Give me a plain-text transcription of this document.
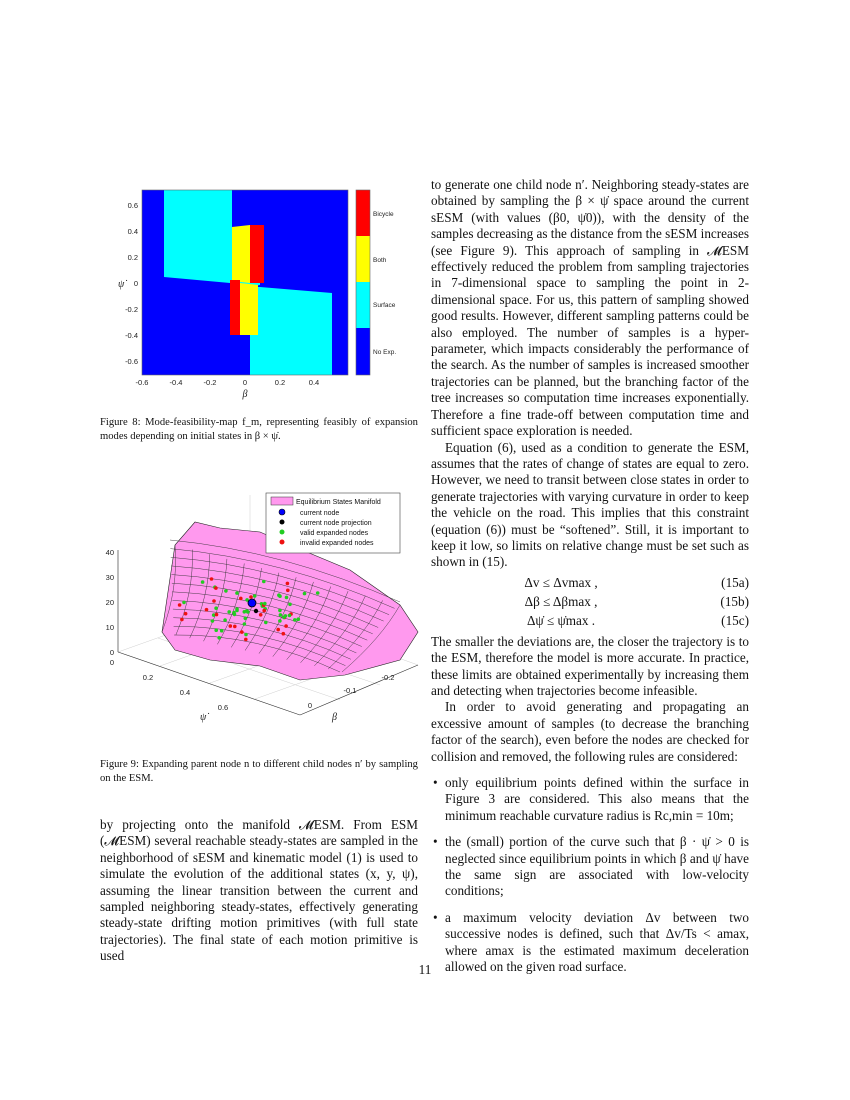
0.6
0.4
0.2
0
-0.2
-0.4
-0.6
-0.6	-0.4	-0.2	0	0.2	0.4
ψ̇
β
Bicycle
Both
Surface
No Exp.
Figure 8: Mode-feasibility-map f_m, representing feasibly of expansion modes depending on initial states in β × ψ̇.
40
30
20
10
0
0
0.2
0.4
0.6
-0.2
-0.1
0
ψ̇	β
Equilibrium States Manifold
current node
current node projection
valid expanded nodes
invalid expanded nodes
Figure 9: Expanding parent node n to different child nodes n′ by sampling on the ESM.

by projecting onto the manifold 𝓜ESM. From ESM (𝓜ESM) several reachable steady-states are sampled in the neighborhood of sESM and kinematic model (1) is used to simulate the evolution of the additional states (x, y, ψ), assuming the linear transition between the current and sampled neighboring steady-states, effectively generating steady-state drifting motion primitives (with full state trajectories). The final state of each motion primitive is used

to generate one child node n′. Neighboring steady-states are obtained by sampling the β × ψ̇ space around the current sESM (with values (β0, ψ̇0)), with the density of the samples decreasing as the distance from the sESM increases (see Figure 9). This approach of sampling in 𝓜ESM effectively reduced the problem from sampling trajectories in 7-dimensional space to sampling the point in 2-dimensional space. For us, this pattern of sampling showed good results. However, different sampling patterns could be also employed. The number of samples is a hyper-parameter, which impacts considerably the performance of the search. As the number of samples is increased smoother trajectories can be planned, but the branching factor of the tree increases so computation time increases exponentially. Therefore a fine trade-off between computation time and sufficient space exploration is needed.

Equation (6), used as a condition to generate the ESM, assumes that the rates of change of states are equal to zero. However, we need to transit between close states in order to generate trajectories with varying curvature in order to keep the vehicle on the road. This implies that this constraint (equation (6)) must be “softened”. Still, it is important to keep it low, so limits on relative change must be set such as shown in (15).

Δv ≤ Δvmax ,	(15a)
Δβ ≤ Δβmax ,	(15b)
Δψ̇ ≤ ψ̇max .	(15c)

The smaller the deviations are, the closer the trajectory is to the ESM, therefore the model is more accurate. In practice, these limits are obtained experimentally by increasing them and detecting when trajectories become infeasible.

In order to avoid generating and propagating an excessive amount of samples (to decrease the branching factor of the search), even before the nodes are checked for collision and removed, the following rules are considered:

• only equilibrium points defined within the surface in Figure 3 are considered. This also means that the minimum reachable curvature radius is Rc,min = 10m;
• the (small) portion of the curve such that β · ψ̇ > 0 is neglected since equilibrium points in which β and ψ̇ have the same sign are associated with low-velocity conditions;
• a maximum velocity deviation Δv between two successive nodes is defined, such that Δv/Ts < amax, where amax is the estimated maximum deceleration allowed on the given road surface.
11
